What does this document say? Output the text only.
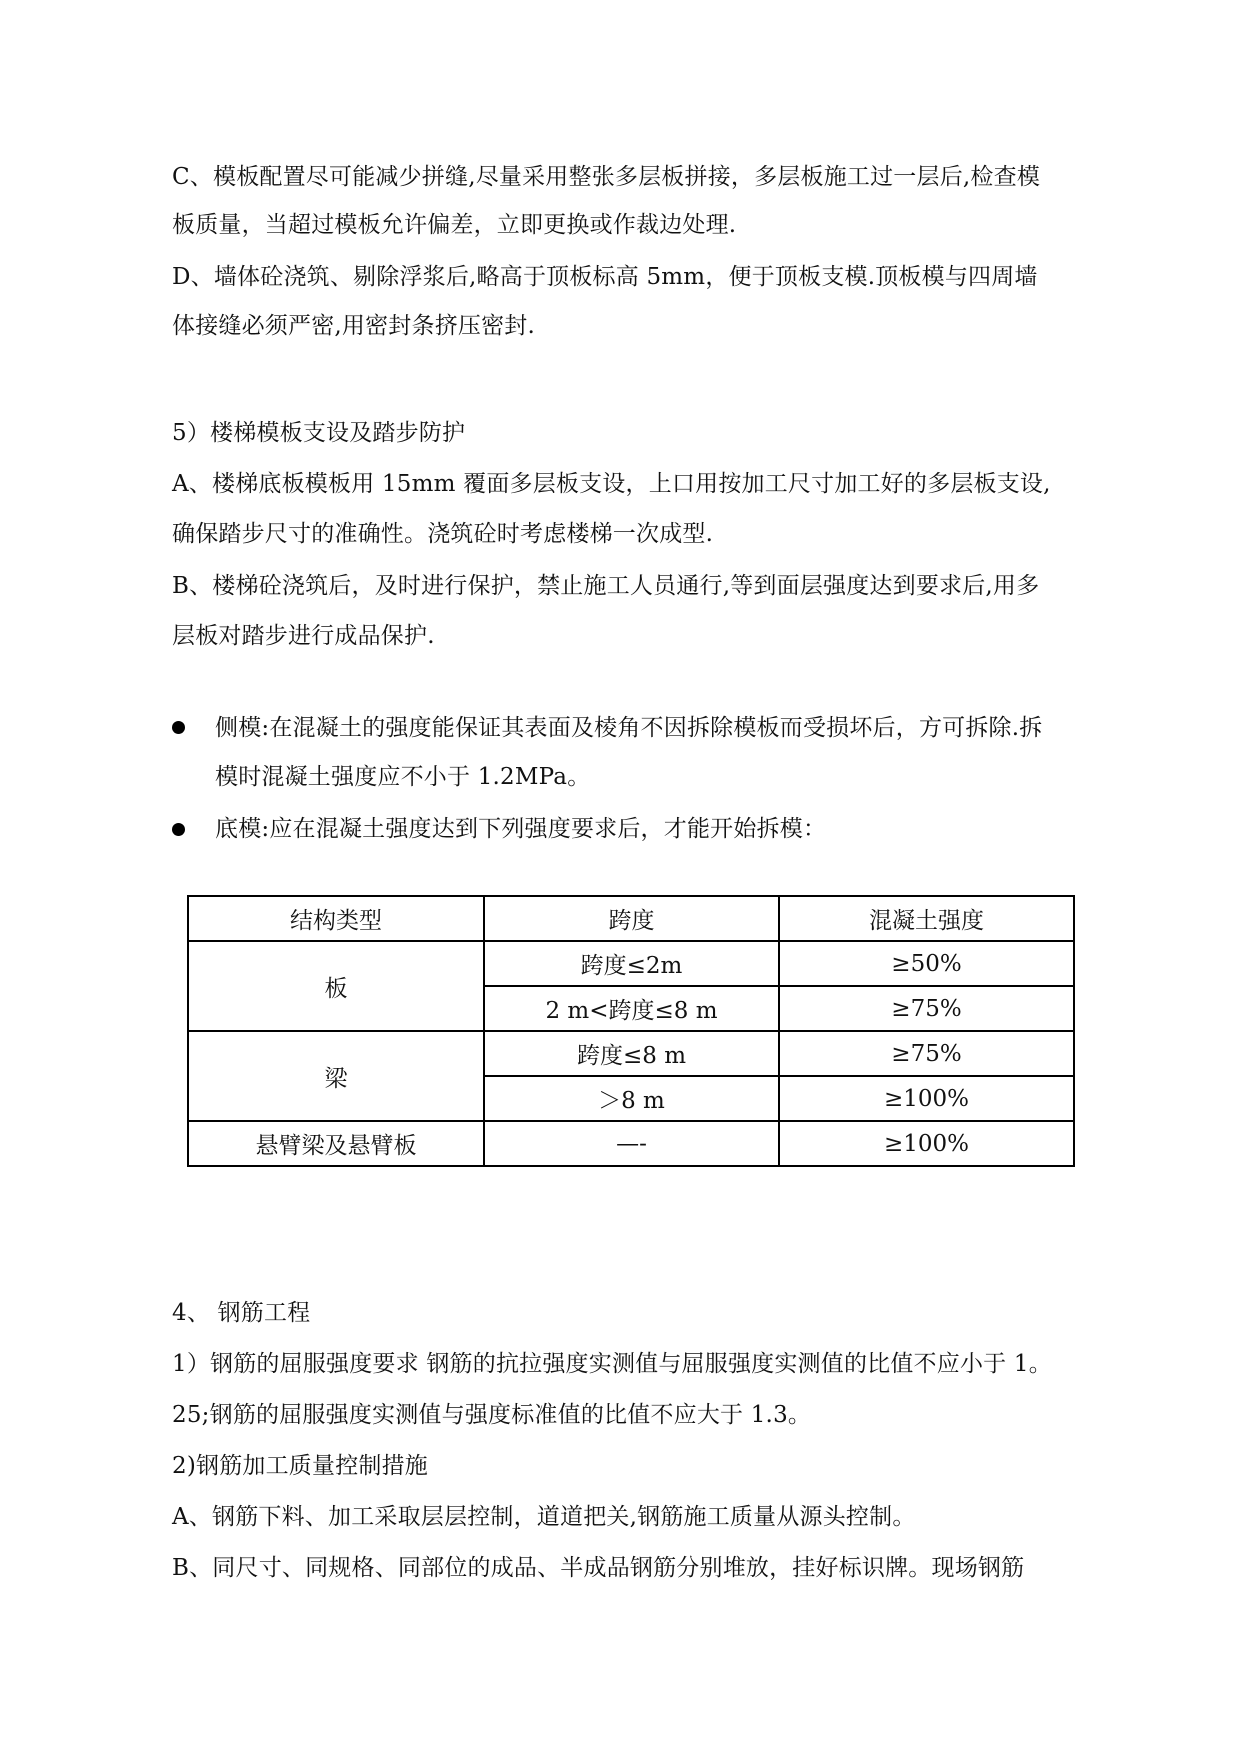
C、模板配置尽可能减少拼缝,尽量采用整张多层板拼接，多层板施工过一层后,检查模
板质量，当超过模板允许偏差，立即更换或作裁边处理.
D、墙体砼浇筑、剔除浮浆后,略高于顶板标高 5mm，便于顶板支模.顶板模与四周墙
体接缝必须严密,用密封条挤压密封.
5）楼梯模板支设及踏步防护
A、楼梯底板模板用 15mm 覆面多层板支设，上口用按加工尺寸加工好的多层板支设,
确保踏步尺寸的准确性。浇筑砼时考虑楼梯一次成型.
B、楼梯砼浇筑后，及时进行保护，禁止施工人员通行,等到面层强度达到要求后,用多
层板对踏步进行成品保护.
侧模:在混凝土的强度能保证其表面及棱角不因拆除模板而受损坏后，方可拆除.拆
模时混凝土强度应不小于 1.2MPa。
底模:应在混凝土强度达到下列强度要求后，才能开始拆模：
结构类型	跨度	混凝土强度
板	跨度≤2m	≥50%
	2 m<跨度≤8 m	≥75%
梁	跨度≤8 m	≥75%
	＞8 m	≥100%
悬臂梁及悬臂板	—-	≥100%
4、 钢筋工程
1）钢筋的屈服强度要求 钢筋的抗拉强度实测值与屈服强度实测值的比值不应小于 1。
25;钢筋的屈服强度实测值与强度标准值的比值不应大于 1.3。
2)钢筋加工质量控制措施
A、钢筋下料、加工采取层层控制，道道把关,钢筋施工质量从源头控制。
B、同尺寸、同规格、同部位的成品、半成品钢筋分别堆放，挂好标识牌。现场钢筋
